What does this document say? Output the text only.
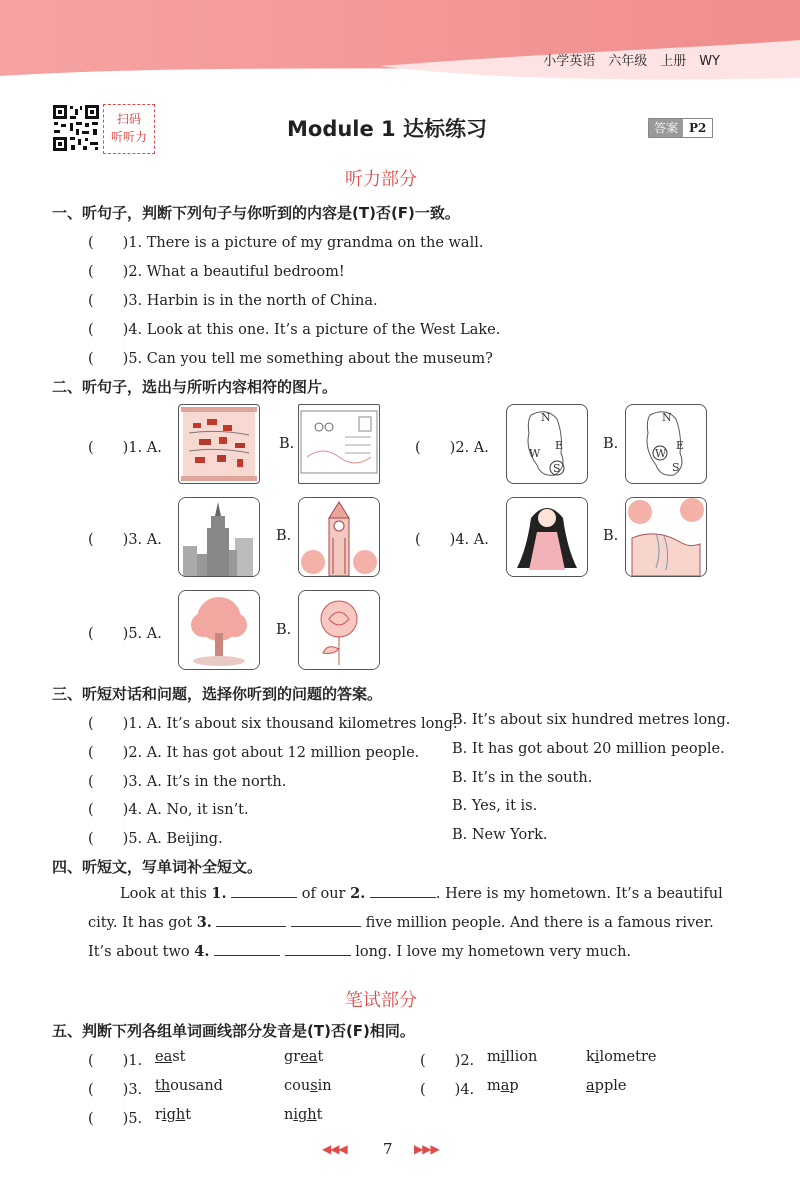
小学英语　六年级　上册　WY
扫码
听听力	Module 1 达标练习	答案 P2
听力部分
一、听句子，判断下列句子与你听到的内容是(T)否(F)一致。
(　　)1. There is a picture of my grandma on the wall.
(　　)2. What a beautiful bedroom!
(　　)3. Harbin is in the north of China.
(　　)4. Look at this one. It’s a picture of the West Lake.
(　　)5. Can you tell me something about the museum?
二、听句子，选出与所听内容相符的图片。
(　　)1. A.	B.	(　　)2. A.
N
W
E
S
B.
N
W
E
S
(　　)3. A.	B.	(　　)4. A.	B.
(　　)5. A.	B.
三、听短对话和问题，选择你听到的问题的答案。
(　　)1. A. It’s about six thousand kilometres long.
B. It’s about six hundred metres long.
(　　)2. A. It has got about 12 million people. B. It has got about 20 million people.
(　　)3. A. It’s in the north.	B. It’s in the south.
(　　)4. A. No, it isn’t.	B. Yes, it is.
(　　)5. A. Beijing.	B. New York.
四、听短文，写单词补全短文。
Look at this 1.	of our 2.	. Here is my hometown. It’s a beautiful
city. It has got 3.	five million people. And there is a famous river.
It’s about two 4.	long. I love my hometown very much.
笔试部分
五、判断下列各组单词画线部分发音是(T)否(F)相同。
(　　)1. east	great	(　　)2. million	kilometre
(　　)3. thousand	cousin	(　　)4. map	apple
(　　)5. right	night
◀◀◀ 7 ▶▶▶
